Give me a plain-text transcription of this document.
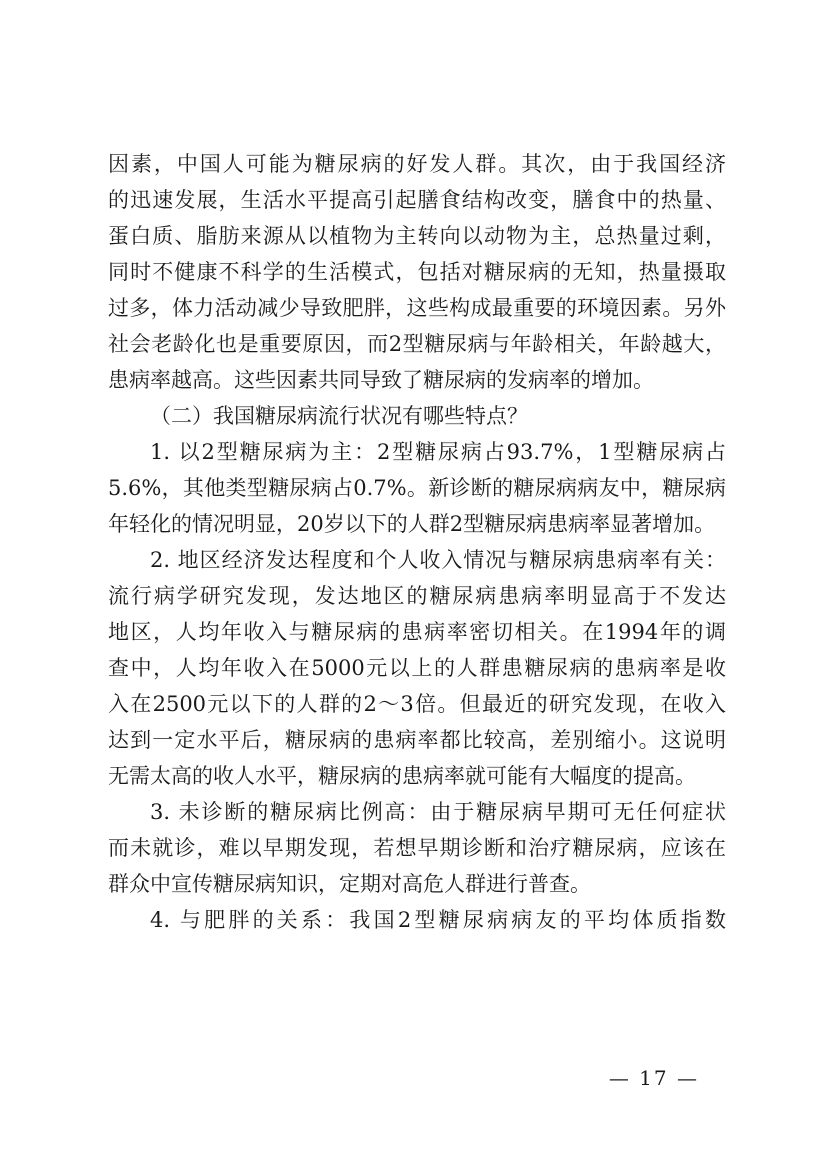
因素，中国人可能为糖尿病的好发人群。其次，由于我国经济
的迅速发展，生活水平提高引起膳食结构改变，膳食中的热量、
蛋白质、脂肪来源从以植物为主转向以动物为主，总热量过剩，
同时不健康不科学的生活模式，包括对糖尿病的无知，热量摄取
过多，体力活动减少导致肥胖，这些构成最重要的环境因素。另外
社会老龄化也是重要原因，而2型糖尿病与年龄相关，年龄越大，
患病率越高。这些因素共同导致了糖尿病的发病率的增加。
（二）我国糖尿病流行状况有哪些特点？
1. 以2型糖尿病为主：2型糖尿病占93.7%，1型糖尿病占
5.6%，其他类型糖尿病占0.7%。新诊断的糖尿病病友中，糖尿病
年轻化的情况明显，20岁以下的人群2型糖尿病患病率显著增加。
2. 地区经济发达程度和个人收入情况与糖尿病患病率有关：
流行病学研究发现，发达地区的糖尿病患病率明显高于不发达
地区，人均年收入与糖尿病的患病率密切相关。在1994年的调
查中，人均年收入在5000元以上的人群患糖尿病的患病率是收
入在2500元以下的人群的2～3倍。但最近的研究发现，在收入
达到一定水平后，糖尿病的患病率都比较高，差别缩小。这说明
无需太高的收人水平，糖尿病的患病率就可能有大幅度的提高。
3. 未诊断的糖尿病比例高：由于糖尿病早期可无任何症状
而未就诊，难以早期发现，若想早期诊断和治疗糖尿病，应该在
群众中宣传糖尿病知识，定期对高危人群进行普查。
4. 与肥胖的关系：我国2型糖尿病病友的平均体质指数
— 17 —
